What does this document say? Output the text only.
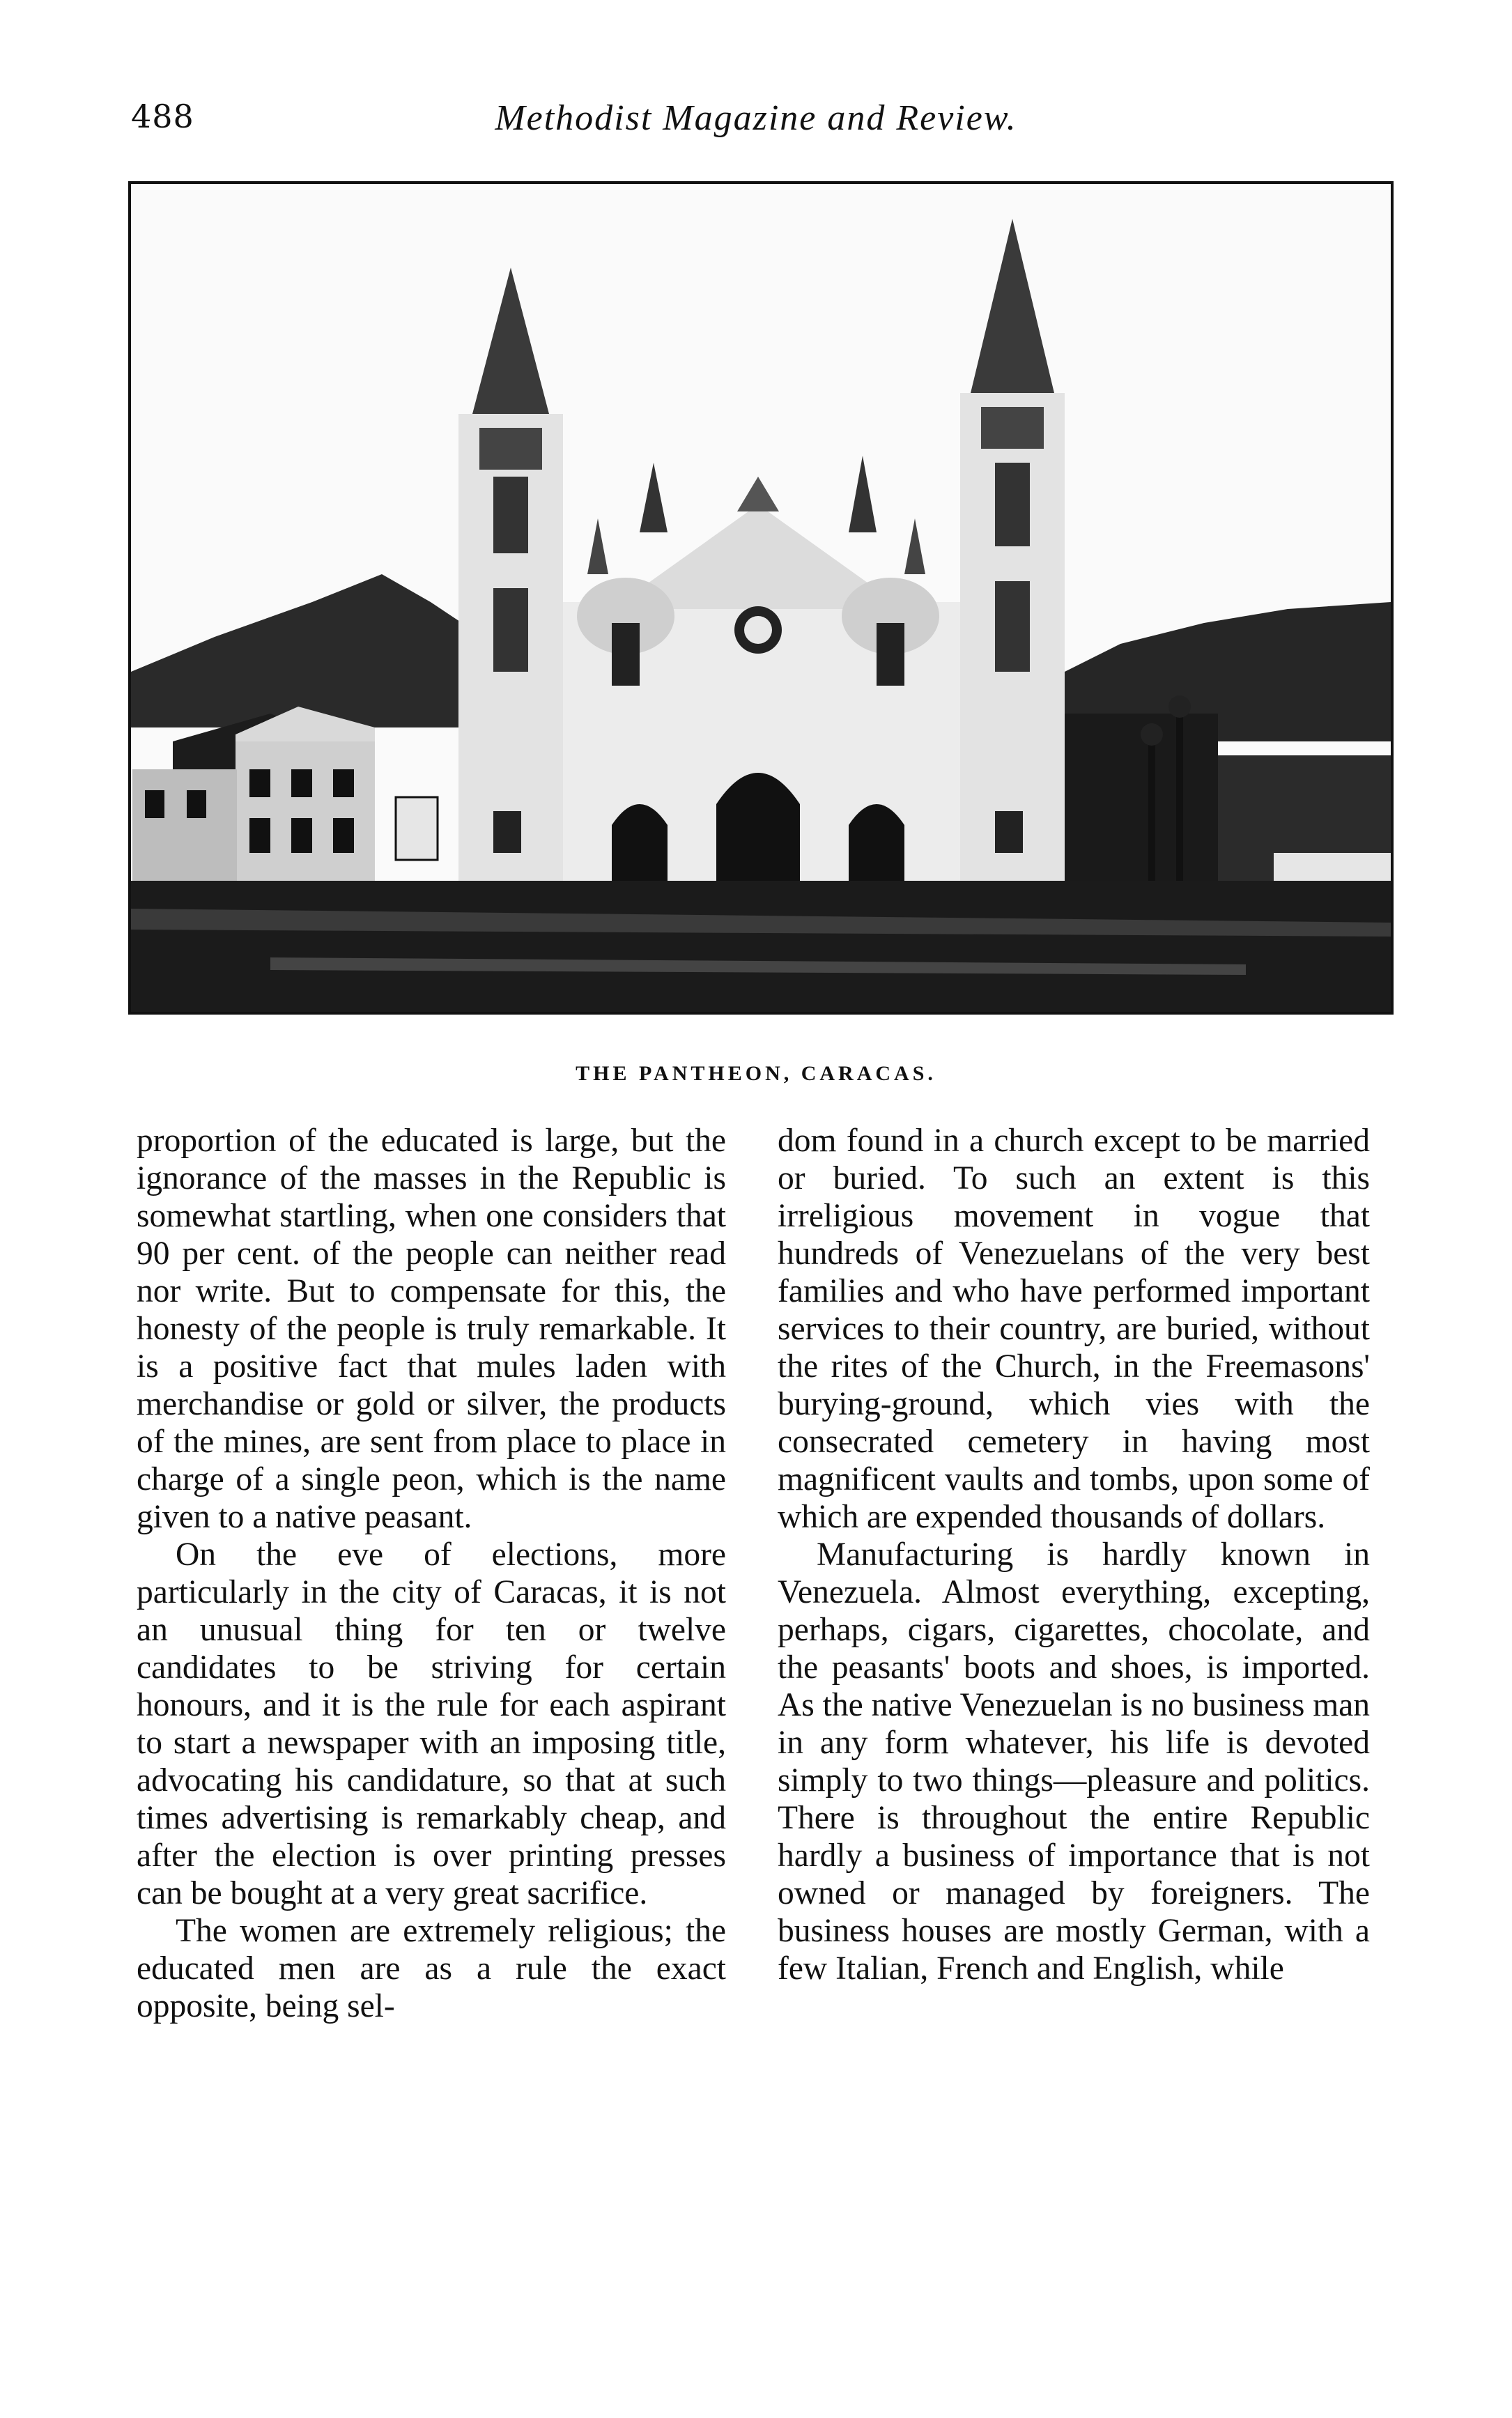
488	Methodist Magazine and Review.
THE PANTHEON, CARACAS.

proportion of the educated is large, but the ignorance of the masses in the Republic is somewhat startling, when one considers that 90 per cent. of the people can neither read nor write. But to compensate for this, the honesty of the people is truly remarkable. It is a positive fact that mules laden with merchandise or gold or silver, the products of the mines, are sent from place to place in charge of a single peon, which is the name given to a native peasant.

On the eve of elections, more particularly in the city of Caracas, it is not an unusual thing for ten or twelve candidates to be striving for certain honours, and it is the rule for each aspirant to start a newspaper with an imposing title, advocating his candidature, so that at such times advertising is remarkably cheap, and after the election is over printing presses can be bought at a very great sacrifice.

The women are extremely religious; the educated men are as a rule the exact opposite, being sel-

dom found in a church except to be married or buried. To such an extent is this irreligious movement in vogue that hundreds of Venezuelans of the very best families and who have performed important services to their country, are buried, without the rites of the Church, in the Freemasons' burying-ground, which vies with the consecrated cemetery in having most magnificent vaults and tombs, upon some of which are expended thousands of dollars.

Manufacturing is hardly known in Venezuela. Almost everything, excepting, perhaps, cigars, cigarettes, chocolate, and the peasants' boots and shoes, is imported. As the native Venezuelan is no business man in any form whatever, his life is devoted simply to two things—pleasure and politics. There is throughout the entire Republic hardly a business of importance that is not owned or managed by foreigners. The business houses are mostly German, with a few Italian, French and English, while
